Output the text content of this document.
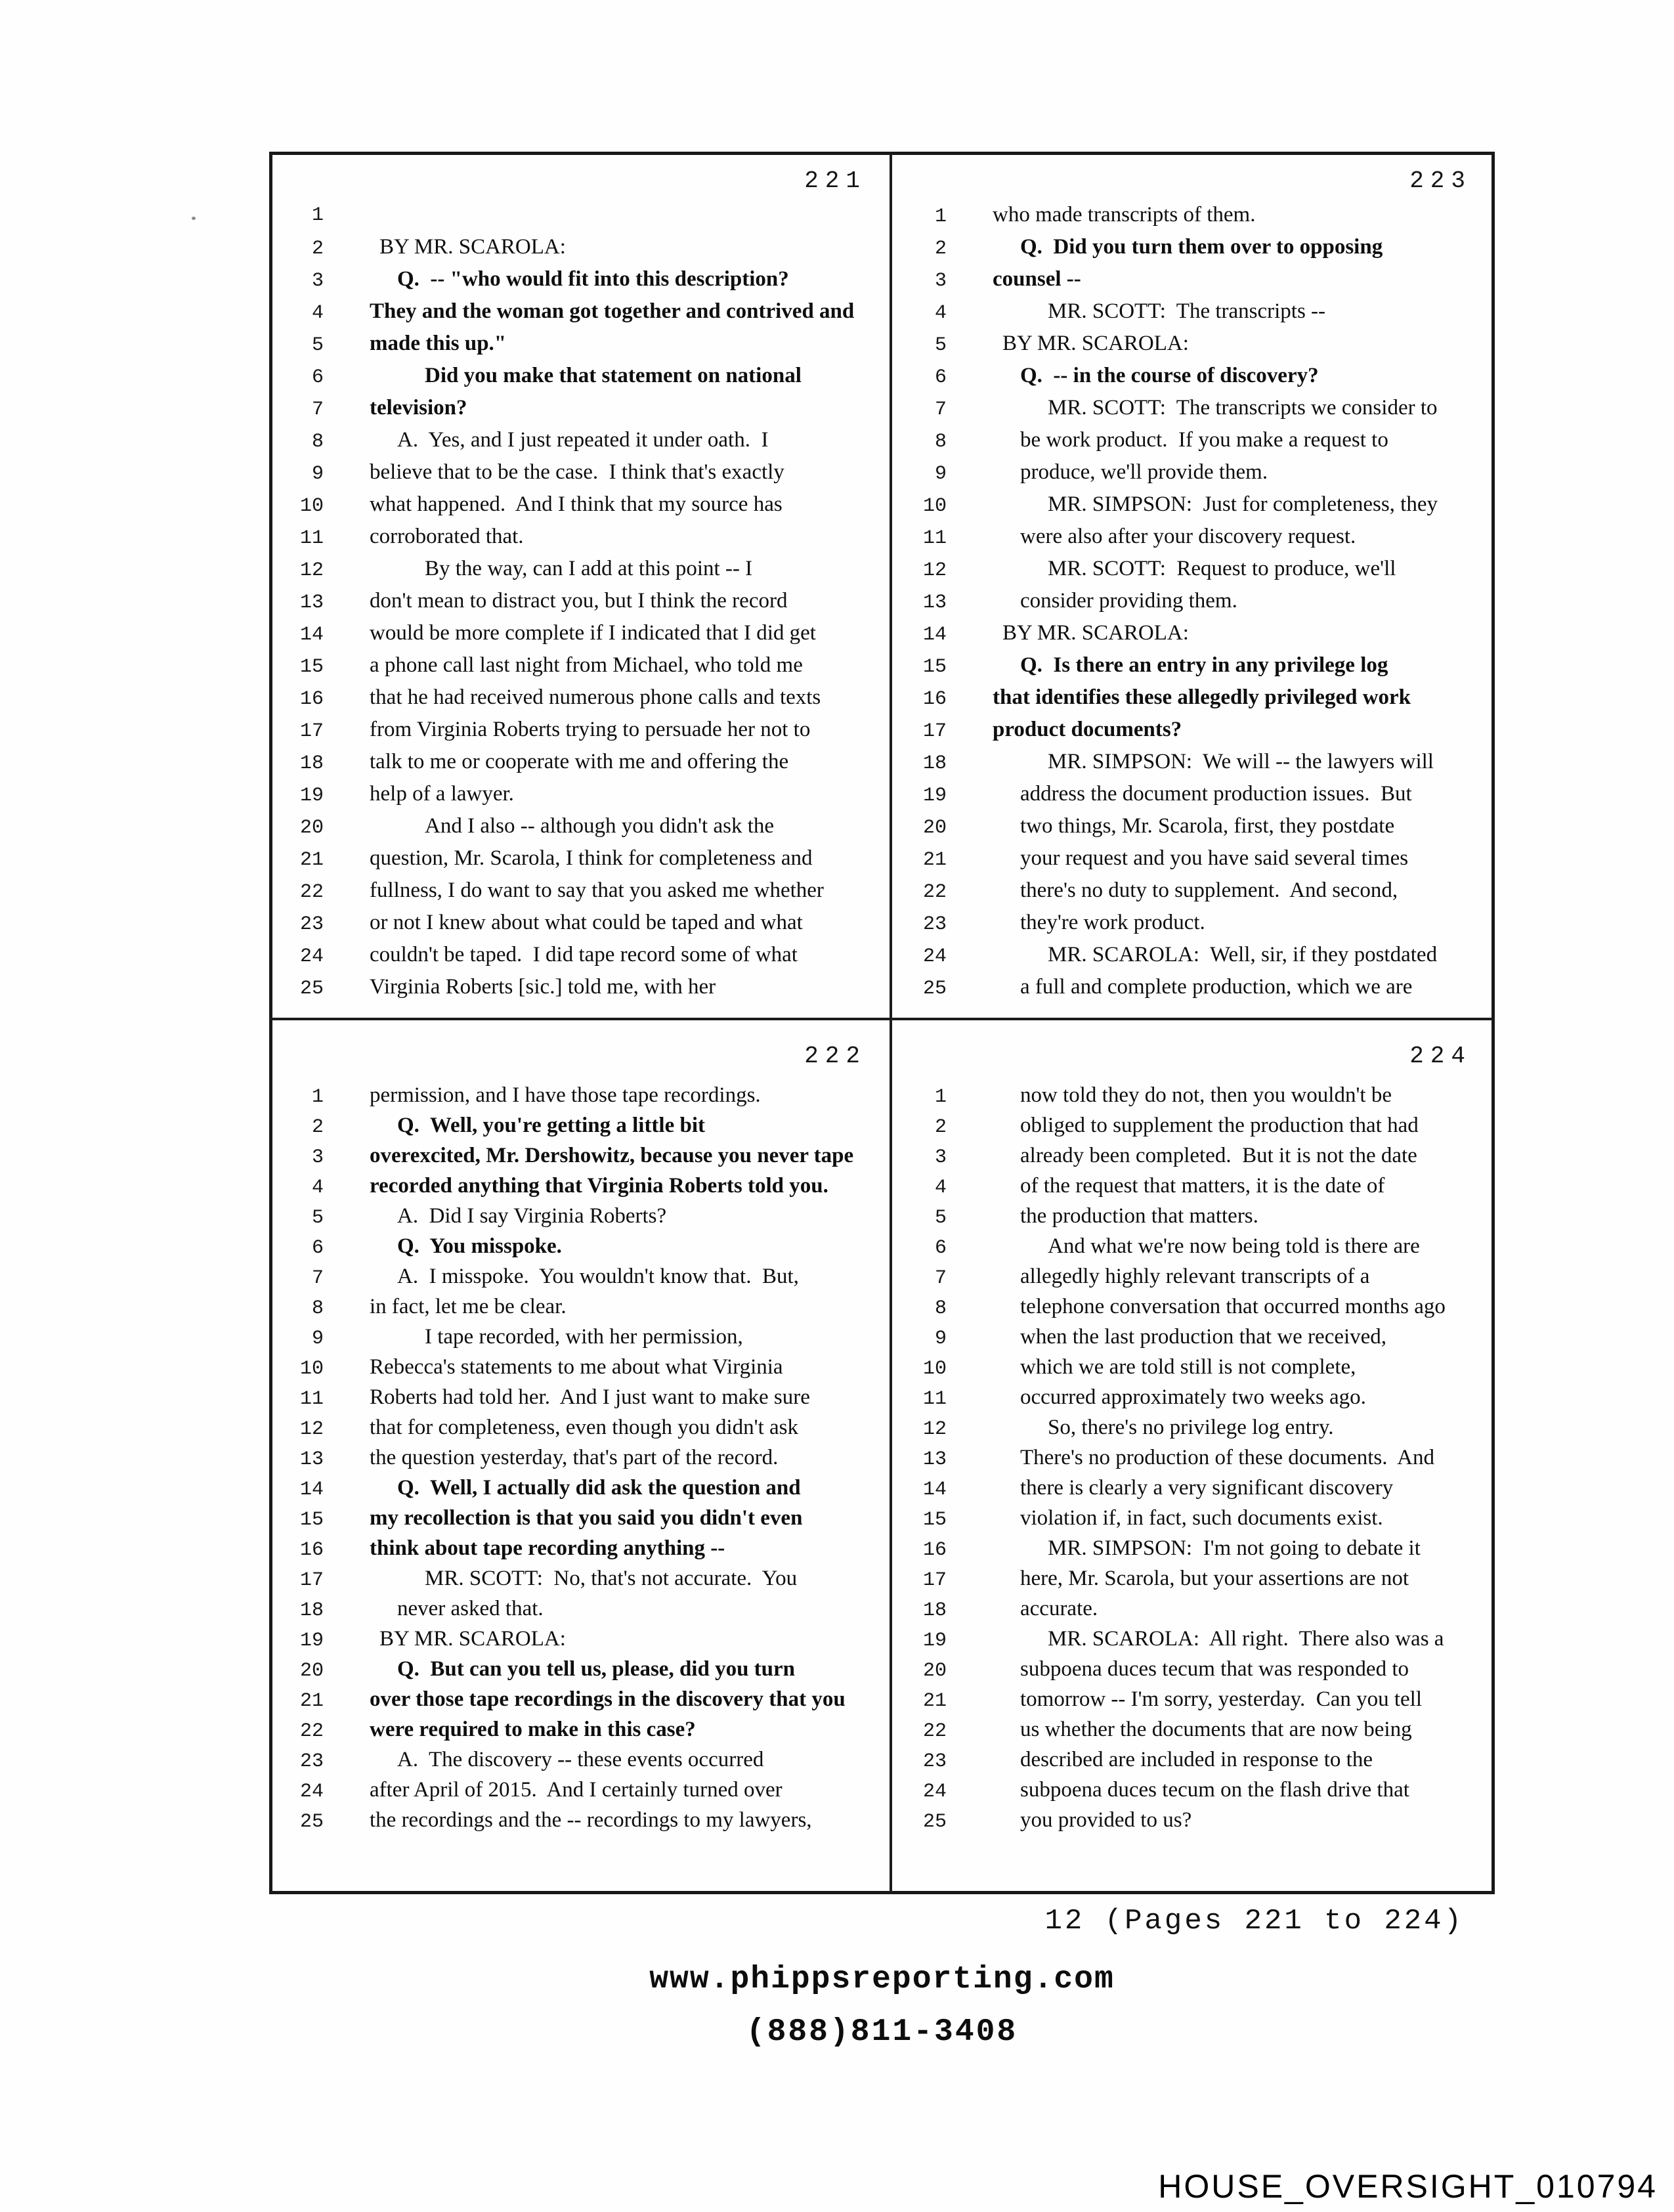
221
1
2	BY MR. SCAROLA:
3	Q.  -- "who would fit into this description?
4 They and the woman got together and contrived and
5 made this up."
6	Did you make that statement on national
7 television?
8	A.  Yes, and I just repeated it under oath.  I
9 believe that to be the case.  I think that's exactly
10 what happened.  And I think that my source has
11 corroborated that.
12	By the way, can I add at this point -- I
13 don't mean to distract you, but I think the record
14 would be more complete if I indicated that I did get
15 a phone call last night from Michael, who told me
16 that he had received numerous phone calls and texts
17 from Virginia Roberts trying to persuade her not to
18 talk to me or cooperate with me and offering the
19 help of a lawyer.
20	And I also -- although you didn't ask the
21 question, Mr. Scarola, I think for completeness and
22 fullness, I do want to say that you asked me whether
23 or not I knew about what could be taped and what
24 couldn't be taped.  I did tape record some of what
25 Virginia Roberts [sic.] told me, with her
223
1 who made transcripts of them.
2	Q.  Did you turn them over to opposing
3 counsel --
4	MR. SCOTT:  The transcripts --
5	BY MR. SCAROLA:
6	Q.  -- in the course of discovery?
7	MR. SCOTT:  The transcripts we consider to
8	be work product.  If you make a request to
9	produce, we'll provide them.
10	MR. SIMPSON:  Just for completeness, they
11	were also after your discovery request.
12	MR. SCOTT:  Request to produce, we'll
13	consider providing them.
14	BY MR. SCAROLA:
15	Q.  Is there an entry in any privilege log
16 that identifies these allegedly privileged work
17 product documents?
18	MR. SIMPSON:  We will -- the lawyers will
19	address the document production issues.  But
20	two things, Mr. Scarola, first, they postdate
21	your request and you have said several times
22	there's no duty to supplement.  And second,
23	they're work product.
24	MR. SCAROLA:  Well, sir, if they postdated
25	a full and complete production, which we are
222
1 permission, and I have those tape recordings.
2	Q.  Well, you're getting a little bit
3 overexcited, Mr. Dershowitz, because you never tape
4 recorded anything that Virginia Roberts told you.
5	A.  Did I say Virginia Roberts?
6	Q.  You misspoke.
7	A.  I misspoke.  You wouldn't know that.  But,
8 in fact, let me be clear.
9	I tape recorded, with her permission,
10 Rebecca's statements to me about what Virginia
11 Roberts had told her.  And I just want to make sure
12 that for completeness, even though you didn't ask
13 the question yesterday, that's part of the record.
14	Q.  Well, I actually did ask the question and
15 my recollection is that you said you didn't even
16 think about tape recording anything --
17	MR. SCOTT:  No, that's not accurate.  You
18	never asked that.
19	BY MR. SCAROLA:
20	Q.  But can you tell us, please, did you turn
21 over those tape recordings in the discovery that you
22 were required to make in this case?
23	A.  The discovery -- these events occurred
24 after April of 2015.  And I certainly turned over
25 the recordings and the -- recordings to my lawyers,
224
1	now told they do not, then you wouldn't be
2	obliged to supplement the production that had
3	already been completed.  But it is not the date
4	of the request that matters, it is the date of
5	the production that matters.
6	And what we're now being told is there are
7	allegedly highly relevant transcripts of a
8	telephone conversation that occurred months ago
9	when the last production that we received,
10	which we are told still is not complete,
11	occurred approximately two weeks ago.
12	So, there's no privilege log entry.
13	There's no production of these documents.  And
14	there is clearly a very significant discovery
15	violation if, in fact, such documents exist.
16	MR. SIMPSON:  I'm not going to debate it
17	here, Mr. Scarola, but your assertions are not
18	accurate.
19	MR. SCAROLA:  All right.  There also was a
20	subpoena duces tecum that was responded to
21	tomorrow -- I'm sorry, yesterday.  Can you tell
22	us whether the documents that are now being
23	described are included in response to the
24	subpoena duces tecum on the flash drive that
25	you provided to us?
12 (Pages 221 to 224)
www.phippsreporting.com
(888)811-3408
HOUSE_OVERSIGHT_010794
